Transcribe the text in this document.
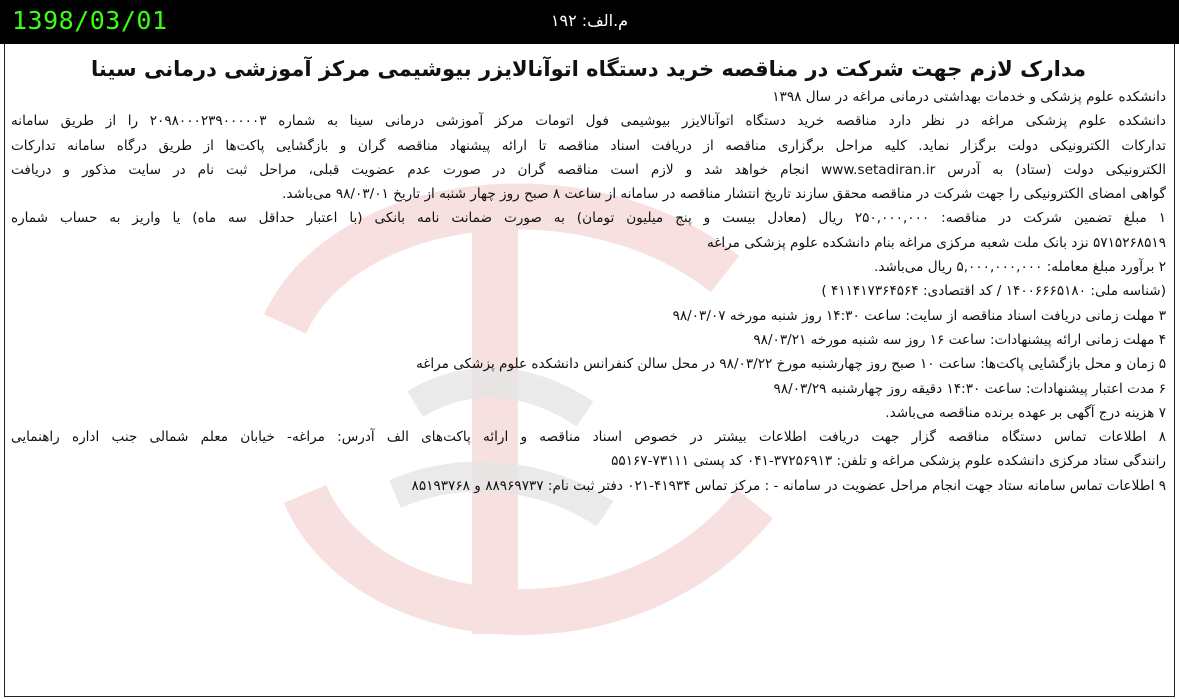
1398/03/01	م.الف: ۱۹۲
مدارک لازم جهت شرکت در مناقصه خرید دستگاه اتوآنالایزر بیوشیمی مرکز آموزشی درمانی سینا
دانشکده علوم پزشکی و خدمات بهداشتی درمانی مراغه در سال ۱۳۹۸
دانشکده علوم پزشکی مراغه در نظر دارد مناقصه خرید دستگاه اتوآنالایزر بیوشیمی فول اتومات مرکز آموزشی درمانی سینا به شماره ۲۰۹۸۰۰۰۲۳۹۰۰۰۰۰۳ را از طریق سامانه
تدارکات الکترونیکی دولت برگزار نماید. کلیه مراحل برگزاری مناقصه از دریافت اسناد مناقصه تا ارائه پیشنهاد مناقصه گران و بازگشایی پاکت‌ها از طریق درگاه سامانه تدارکات
الکترونیکی دولت (ستاد) به آدرس www.setadiran.ir انجام خواهد شد و لازم است مناقصه گران در صورت عدم عضویت قبلی، مراحل ثبت نام در سایت مذکور و دریافت
گواهی امضای الکترونیکی را جهت شرکت در مناقصه محقق سازند تاریخ انتشار مناقصه در سامانه از ساعت ۸ صبح روز چهار شنبه از تاریخ ۹۸/۰۳/۰۱ می‌باشد.
۱ مبلغ تضمین شرکت در مناقصه: ۲۵۰,۰۰۰,۰۰۰ ریال (معادل بیست و پنج میلیون تومان) به صورت ضمانت نامه بانکی (با اعتبار حداقل سه ماه) یا واریز به حساب شماره
۵۷۱۵۲۶۸۵۱۹ نزد بانک ملت شعبه مرکزی مراغه بنام دانشکده علوم پزشکی مراغه
۲ برآورد مبلغ معامله: ۵,۰۰۰,۰۰۰,۰۰۰ ریال می‌باشد.
(شناسه ملی: ۱۴۰۰۶۶۶۵۱۸۰ / کد اقتصادی: ۴۱۱۴۱۷۳۶۴۵۶۴ )
۳ مهلت زمانی دریافت اسناد مناقصه از سایت: ساعت ۱۴:۳۰ روز شنبه مورخه ۹۸/۰۳/۰۷
۴ مهلت زمانی ارائه پیشنهادات: ساعت ۱۶ روز سه شنبه مورخه ۹۸/۰۳/۲۱
۵ زمان و محل بازگشایی پاکت‌ها: ساعت ۱۰ صبح روز چهارشنبه مورخ ۹۸/۰۳/۲۲ در محل سالن کنفرانس دانشکده علوم پزشکی مراغه
۶ مدت اعتبار پیشنهادات: ساعت ۱۴:۳۰ دقیقه روز چهارشنبه ۹۸/۰۳/۲۹
۷ هزینه درج آگهی بر عهده برنده مناقصه می‌باشد.
۸ اطلاعات تماس دستگاه مناقصه گزار جهت دریافت اطلاعات بیشتر در خصوص اسناد مناقصه و ارائه پاکت‌های الف آدرس: مراغه- خیابان معلم شمالی جنب اداره راهنمایی
رانندگی ستاد مرکزی دانشکده علوم پزشکی مراغه و تلفن: ۳۷۲۵۶۹۱۳-۰۴۱ کد پستی ۷۳۱۱۱-۵۵۱۶۷
۹ اطلاعات تماس سامانه ستاد جهت انجام مراحل عضویت در سامانه - : مرکز تماس ۴۱۹۳۴-۰۲۱ دفتر ثبت نام: ۸۸۹۶۹۷۳۷ و ۸۵۱۹۳۷۶۸
